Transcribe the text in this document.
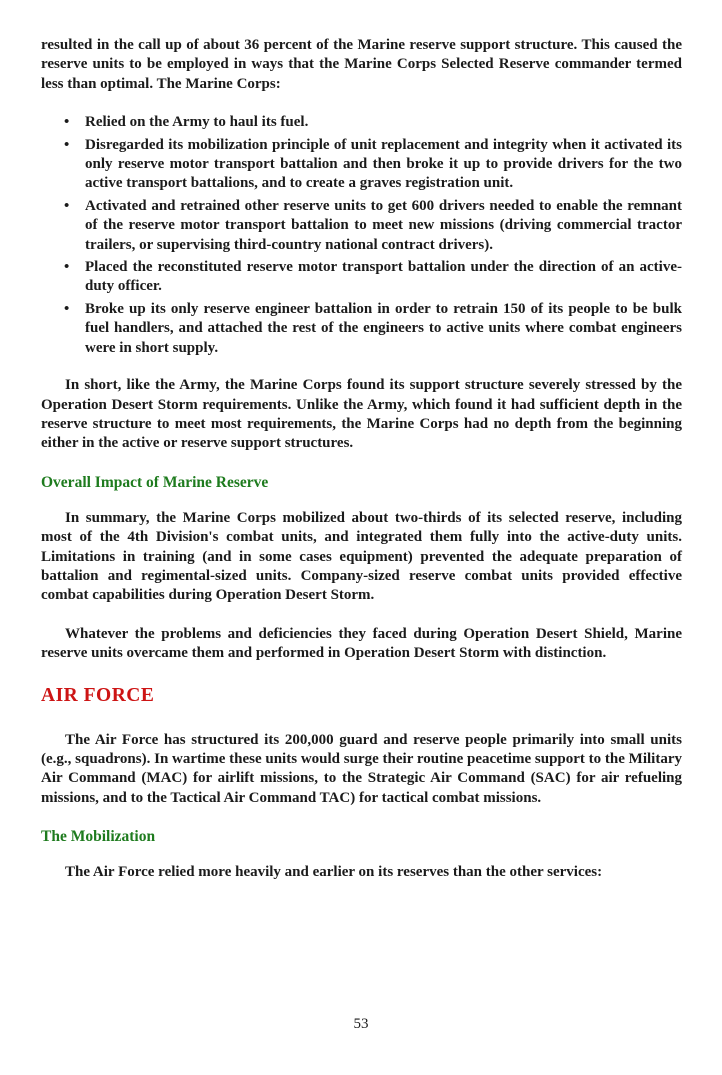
resulted in the call up of about 36 percent of the Marine reserve support structure. This caused the reserve units to be employed in ways that the Marine Corps Selected Reserve commander termed less than optimal. The Marine Corps:

• Relied on the Army to haul its fuel.
• Disregarded its mobilization principle of unit replacement and integrity when it activated its only reserve motor transport battalion and then broke it up to provide drivers for the two active transport battalions, and to create a graves registration unit.
• Activated and retrained other reserve units to get 600 drivers needed to enable the remnant of the reserve motor transport battalion to meet new missions (driving commercial tractor trailers, or supervising third-country national contract drivers).
• Placed the reconstituted reserve motor transport battalion under the direction of an active-duty officer.
• Broke up its only reserve engineer battalion in order to retrain 150 of its people to be bulk fuel handlers, and attached the rest of the engineers to active units where combat engineers were in short supply.

In short, like the Army, the Marine Corps found its support structure severely stressed by the Operation Desert Storm requirements. Unlike the Army, which found it had sufficient depth in the reserve structure to meet most requirements, the Marine Corps had no depth from the beginning either in the active or reserve support structures.

Overall Impact of Marine Reserve

In summary, the Marine Corps mobilized about two-thirds of its selected reserve, including most of the 4th Division's combat units, and integrated them fully into the active-duty units. Limitations in training (and in some cases equipment) prevented the adequate preparation of battalion and regimental-sized units. Company-sized reserve combat units provided effective combat capabilities during Operation Desert Storm.

Whatever the problems and deficiencies they faced during Operation Desert Shield, Marine reserve units overcame them and performed in Operation Desert Storm with distinction.

AIR FORCE

The Air Force has structured its 200,000 guard and reserve people primarily into small units (e.g., squadrons). In wartime these units would surge their routine peacetime support to the Military Air Command (MAC) for airlift missions, to the Strategic Air Command (SAC) for air refueling missions, and to the Tactical Air Command TAC) for tactical combat missions.

The Mobilization

The Air Force relied more heavily and earlier on its reserves than the other services:

53
